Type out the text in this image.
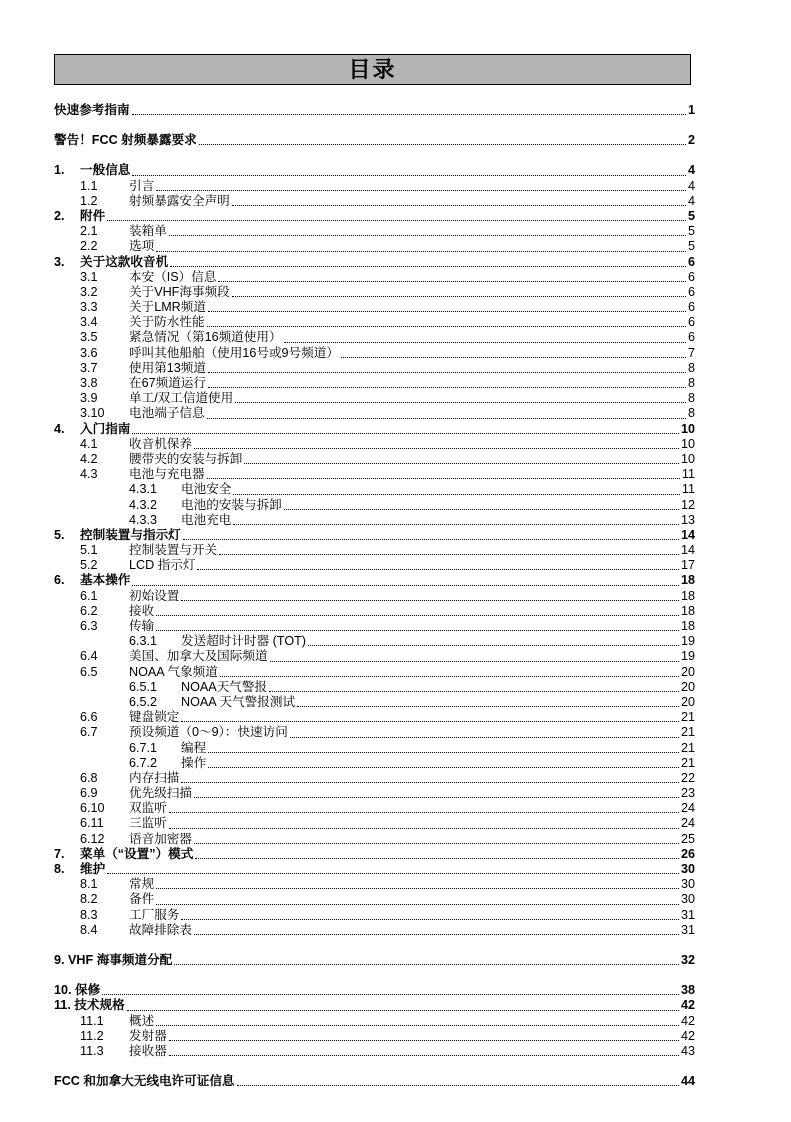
目录
快速参考指南	1
警告！FCC 射频暴露要求	2
1.	一般信息	4
1.1	引言	4
1.2	射频暴露安全声明	4
2.	附件	5
2.1	装箱单	5
2.2	选项	5
3.	关于这款收音机	6
3.1	本安（IS）信息	6
3.2	关于VHF海事频段	6
3.3	关于LMR频道	6
3.4	关于防水性能	6
3.5	紧急情况（第16频道使用）	6
3.6	呼叫其他船舶（使用16号或9号频道）	7
3.7	使用第13频道	8
3.8	在67频道运行	8
3.9	单工/双工信道使用	8
3.10	电池端子信息	8
4.	入门指南	10
4.1	收音机保养	10
4.2	腰带夹的安装与拆卸	10
4.3	电池与充电器	11
4.3.1	电池安全	11
4.3.2	电池的安装与拆卸	12
4.3.3	电池充电	13
5.	控制装置与指示灯	14
5.1	控制装置与开关	14
5.2	LCD 指示灯	17
6.	基本操作	18
6.1	初始设置	18
6.2	接收	18
6.3	传输	18
6.3.1	发送超时计时器 (TOT)	19
6.4	美国、加拿大及国际频道	19
6.5	NOAA 气象频道	20
6.5.1	NOAA天气警报	20
6.5.2	NOAA 天气警报测试	20
6.6	键盘锁定	21
6.7	预设频道（0～9）：快速访问	21
6.7.1	编程	21
6.7.2	操作	21
6.8	内存扫描	22
6.9	优先级扫描	23
6.10	双监听	24
6.11	三监听	24
6.12	语音加密器	25
7.	菜单（“设置”）模式	26
8.	维护	30
8.1	常规	30
8.2	备件	30
8.3	工厂服务	31
8.4	故障排除表	31
9. VHF 海事频道分配	32
10. 保修	38
11. 技术规格	42
11.1	概述	42
11.2	发射器	42
11.3	接收器	43
FCC 和加拿大无线电许可证信息	44
